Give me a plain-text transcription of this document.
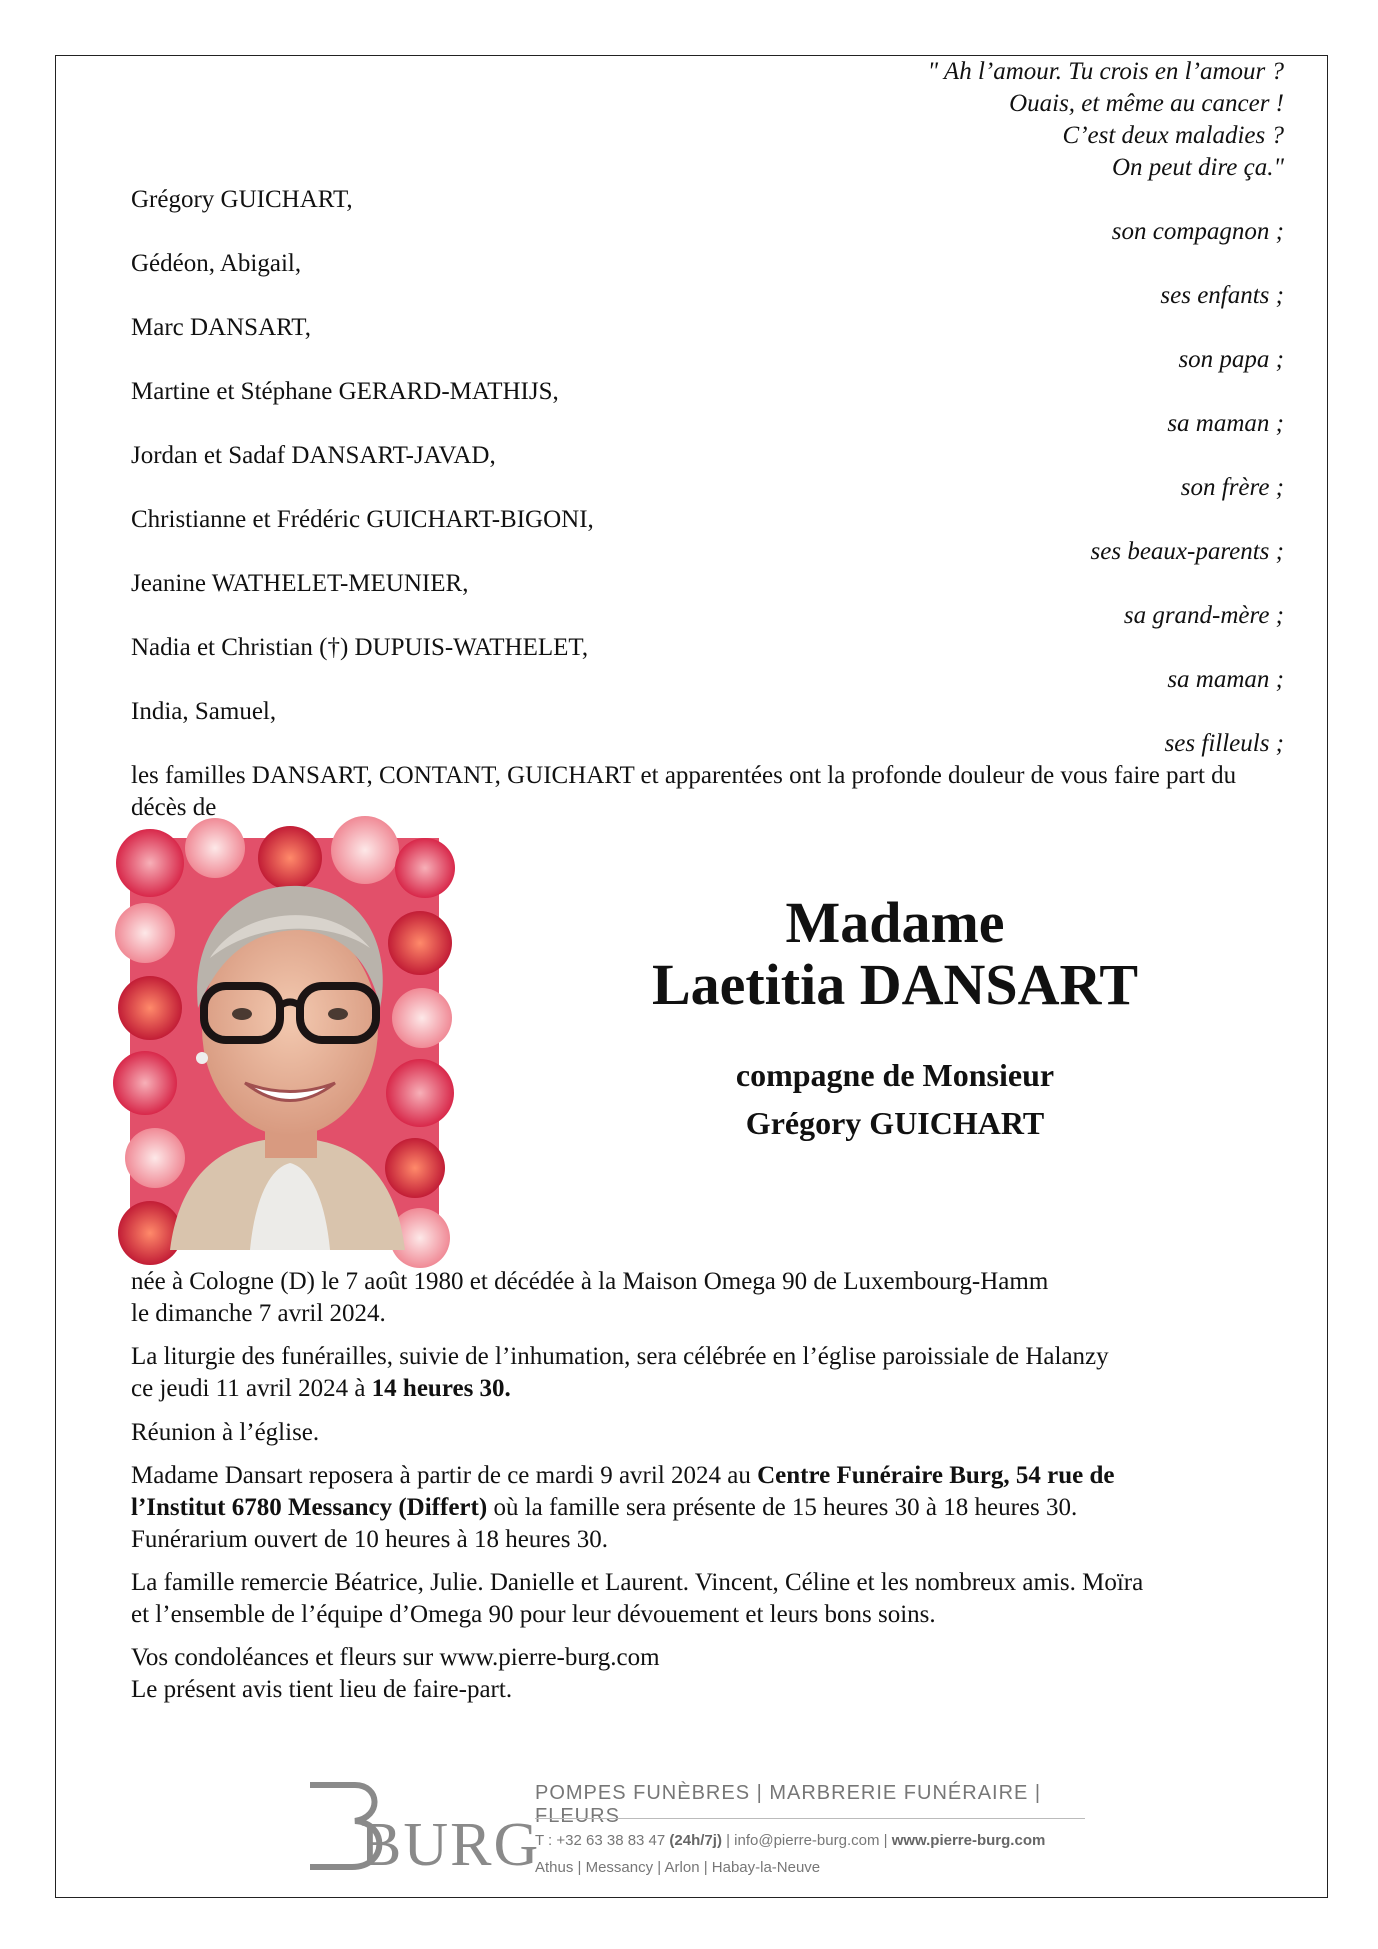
" Ah l’amour. Tu crois en l’amour ?
Ouais, et même au cancer !
C’est deux maladies ?
On peut dire ça."
Grégory GUICHART,
son compagnon ;
Gédéon, Abigail,
ses enfants ;
Marc DANSART,
son papa ;
Martine et Stéphane GERARD-MATHIJS,
sa maman ;
Jordan et Sadaf DANSART-JAVAD,
son frère ;
Christianne et Frédéric GUICHART-BIGONI,
ses beaux-parents ;
Jeanine WATHELET-MEUNIER,
sa grand-mère ;
Nadia et Christian (†) DUPUIS-WATHELET,
sa maman ;
India, Samuel,
ses filleuls ;
les familles DANSART, CONTANT, GUICHART et apparentées ont la profonde douleur de vous faire part du décès de
Madame
Laetitia DANSART
compagne de Monsieur
Grégory GUICHART
née à Cologne (D) le 7 août 1980 et décédée à la Maison Omega 90 de Luxembourg-Hamm
le dimanche 7 avril 2024.
La liturgie des funérailles, suivie de l’inhumation, sera célébrée en l’église paroissiale de Halanzy
ce jeudi 11 avril 2024 à 14 heures 30.
Réunion à l’église.
Madame Dansart reposera à partir de ce mardi 9 avril 2024 au Centre Funéraire Burg, 54 rue de
l’Institut 6780 Messancy (Differt) où la famille sera présente de 15 heures 30 à 18 heures 30.
Funérarium ouvert de 10 heures à 18 heures 30.
La famille remercie Béatrice, Julie. Danielle et Laurent. Vincent, Céline et les nombreux amis. Moïra
et l’ensemble de l’équipe d’Omega 90 pour leur dévouement et leurs bons soins.
Vos condoléances et fleurs sur www.pierre-burg.com
Le présent avis tient lieu de faire-part.
BURG
POMPES FUNÈBRES | MARBRERIE FUNÉRAIRE | FLEURS
T : +32 63 38 83 47 (24h/7j) | info@pierre-burg.com | www.pierre-burg.com
Athus | Messancy | Arlon | Habay-la-Neuve
